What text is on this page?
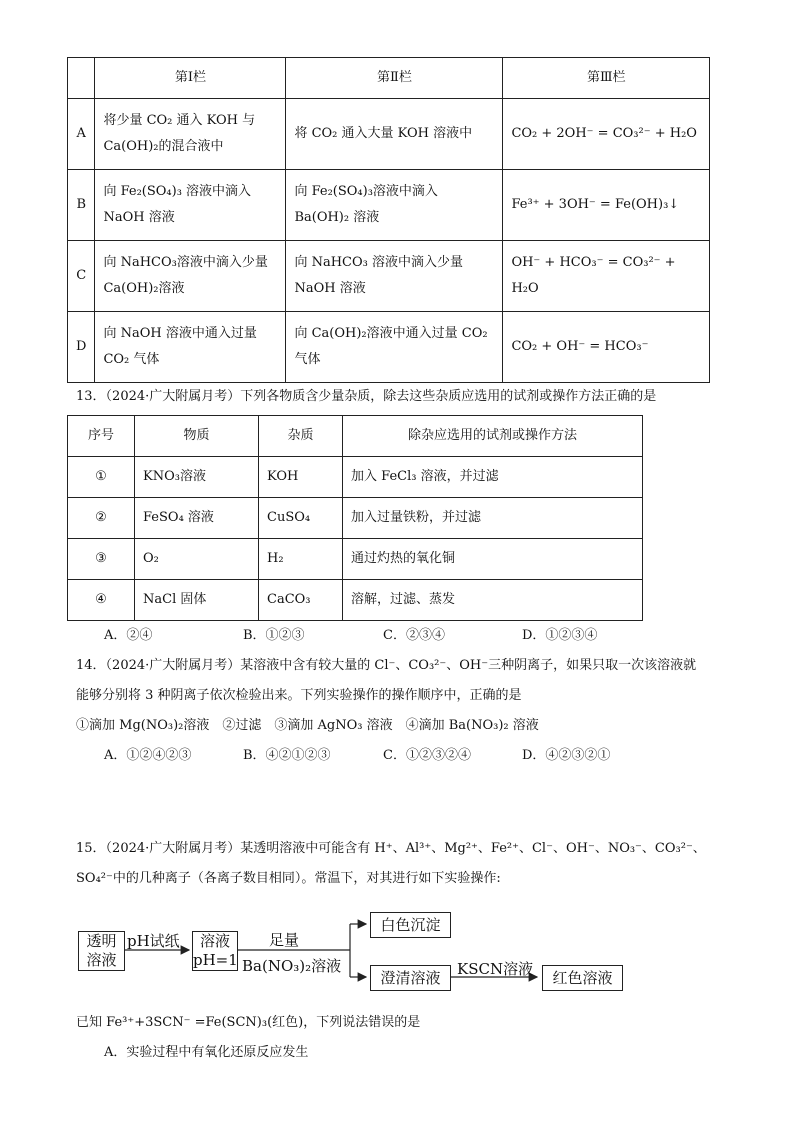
	第Ⅰ栏	第Ⅱ栏	第Ⅲ栏
A	将少量 CO₂ 通入 KOH 与 Ca(OH)₂的混合液中	将 CO₂ 通入大量 KOH 溶液中	CO₂ + 2OH⁻ = CO₃²⁻ + H₂O
B	向 Fe₂(SO₄)₃ 溶液中滴入 NaOH 溶液	向 Fe₂(SO₄)₃溶液中滴入 Ba(OH)₂ 溶液	Fe³⁺ + 3OH⁻ = Fe(OH)₃↓
C	向 NaHCO₃溶液中滴入少量 Ca(OH)₂溶液	向 NaHCO₃ 溶液中滴入少量 NaOH 溶液	OH⁻ + HCO₃⁻ = CO₃²⁻ + H₂O
D	向 NaOH 溶液中通入过量 CO₂ 气体	向 Ca(OH)₂溶液中通入过量 CO₂ 气体	CO₂ + OH⁻ = HCO₃⁻
13．（2024·广大附属月考）下列各物质含少量杂质，除去这些杂质应选用的试剂或操作方法正确的是
序号	物质	杂质	除杂应选用的试剂或操作方法
①	KNO₃溶液	KOH	加入 FeCl₃ 溶液，并过滤
②	FeSO₄ 溶液	CuSO₄	加入过量铁粉，并过滤
③	O₂	H₂	通过灼热的氧化铜
④	NaCl 固体	CaCO₃	溶解，过滤、蒸发
A．②④	B．①②③	C．②③④	D．①②③④
14．（2024·广大附属月考）某溶液中含有较大量的 Cl⁻、CO₃²⁻、OH⁻三种阴离子，如果只取一次该溶液就
能够分别将 3 种阴离子依次检验出来。下列实验操作的操作顺序中，正确的是
①滴加 Mg(NO₃)₂溶液　②过滤　③滴加 AgNO₃ 溶液　④滴加 Ba(NO₃)₂ 溶液
A．①②④②③	B．④②①②③	C．①②③②④	D．④②③②①
15．（2024·广大附属月考）某透明溶液中可能含有 H⁺、Al³⁺、Mg²⁺、Fe²⁺、Cl⁻、OH⁻、NO₃⁻、CO₃²⁻、
SO₄²⁻中的几种离子（各离子数目相同）。常温下，对其进行如下实验操作:
透明
溶液
pH试纸	溶液
pH=1
足量
Ba(NO₃)₂溶液
白色沉淀
澄清溶液	KSCN溶液	红色溶液
已知 Fe³⁺+3SCN⁻ =Fe(SCN)₃(红色)，下列说法错误的是
A．实验过程中有氧化还原反应发生
